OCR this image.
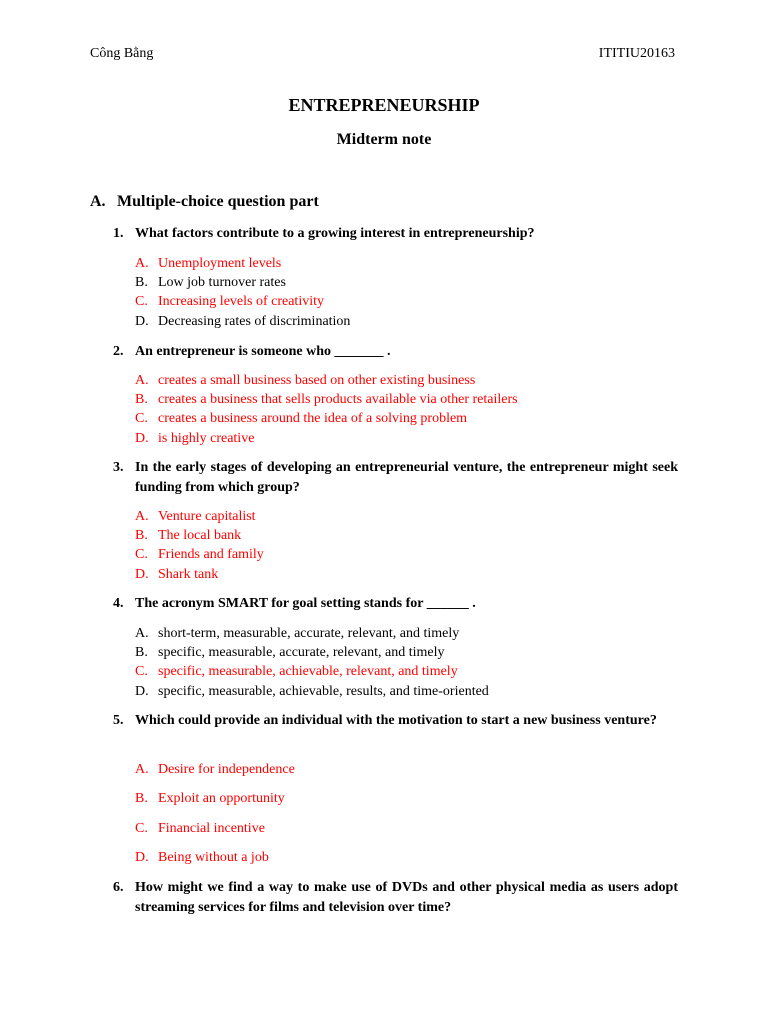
Công Bằng	ITITIU20163
ENTREPRENEURSHIP
Midterm note
A. Multiple-choice question part
1. What factors contribute to a growing interest in entrepreneurship?
A. Unemployment levels
B. Low job turnover rates
C. Increasing levels of creativity
D. Decreasing rates of discrimination
2. An entrepreneur is someone who _______ .
A. creates a small business based on other existing business
B. creates a business that sells products available via other retailers
C. creates a business around the idea of a solving problem
D. is highly creative
3. In the early stages of developing an entrepreneurial venture, the entrepreneur might seek funding from which group?
A. Venture capitalist
B. The local bank
C. Friends and family
D. Shark tank
4. The acronym SMART for goal setting stands for ______ .
A. short-term, measurable, accurate, relevant, and timely
B. specific, measurable, accurate, relevant, and timely
C. specific, measurable, achievable, relevant, and timely
D. specific, measurable, achievable, results, and time-oriented
5. Which could provide an individual with the motivation to start a new business venture?
A. Desire for independence
B. Exploit an opportunity
C. Financial incentive
D. Being without a job
6. How might we find a way to make use of DVDs and other physical media as users adopt streaming services for films and television over time?
